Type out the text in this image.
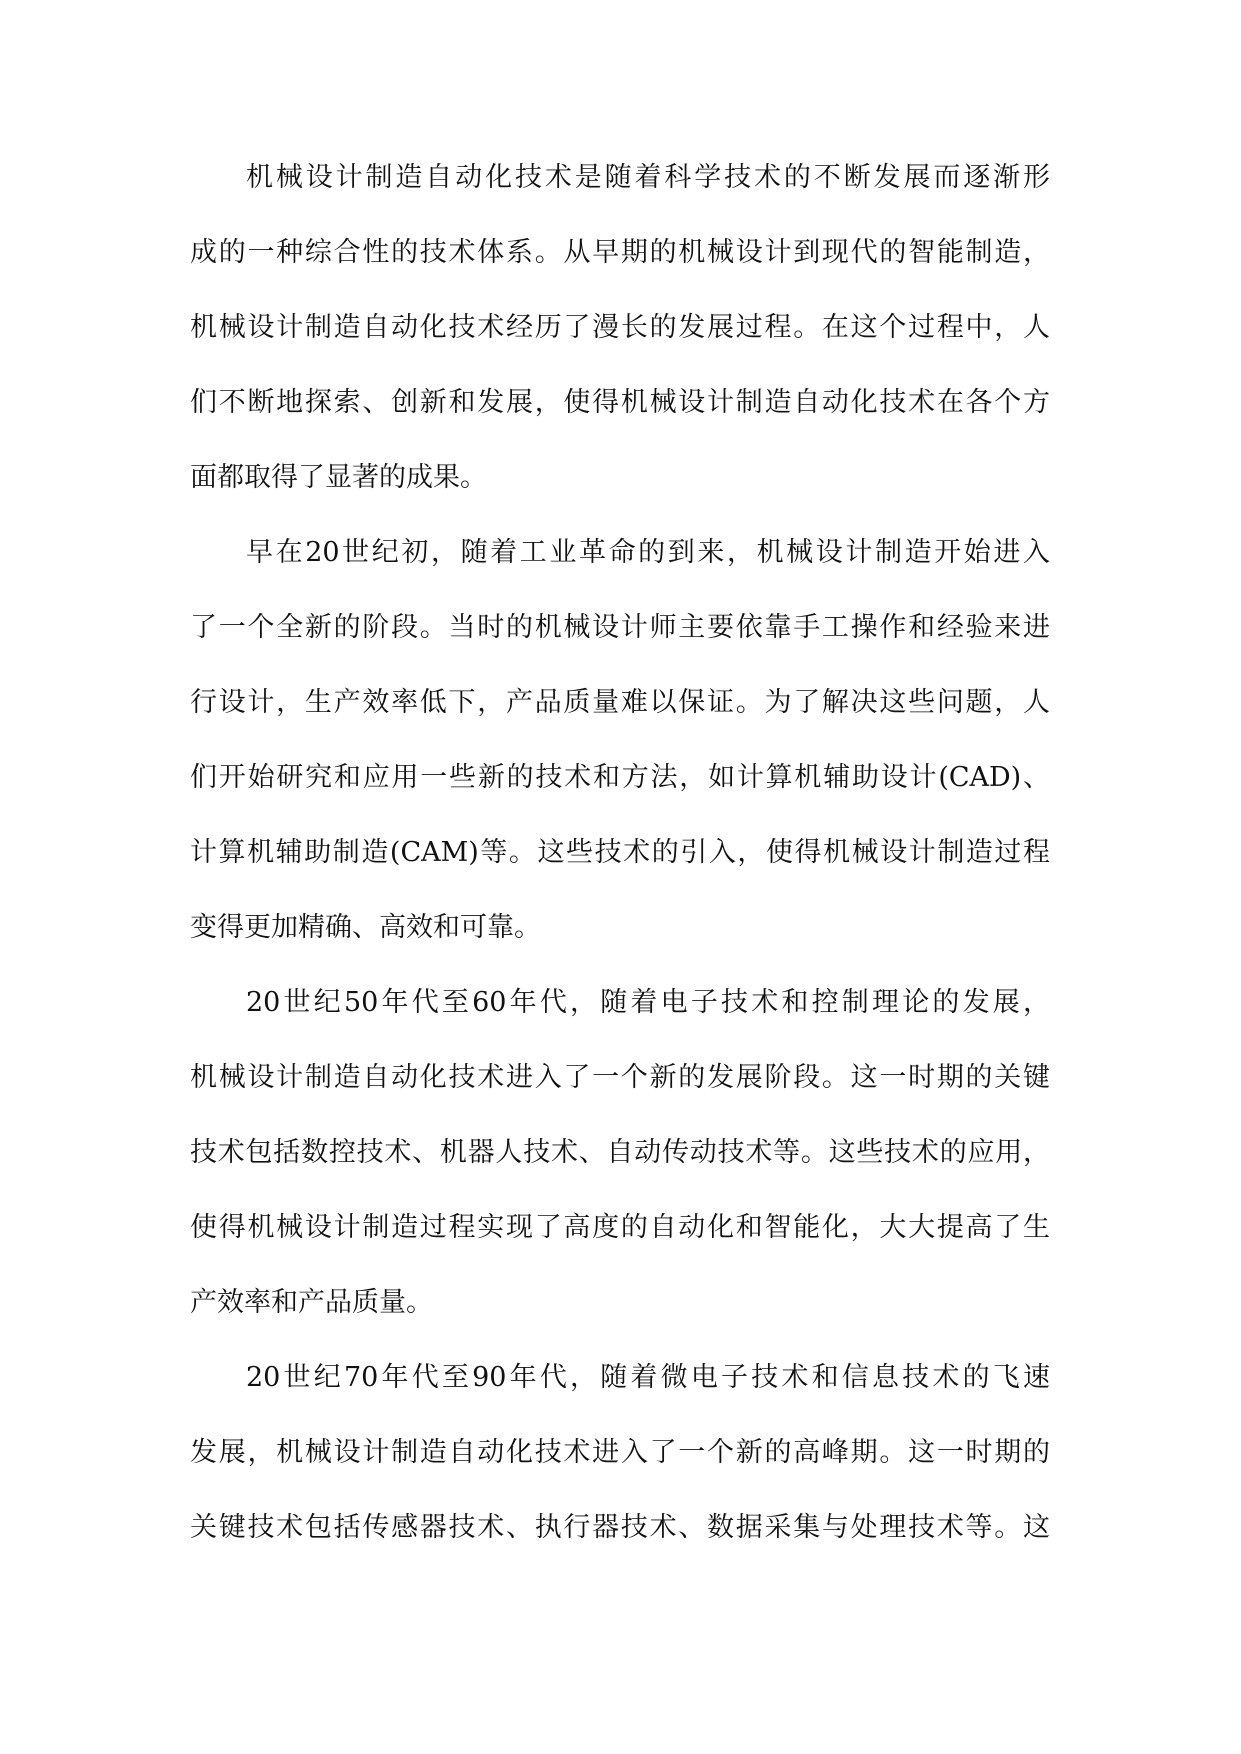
机械设计制造自动化技术是随着科学技术的不断发展而逐渐形
成的一种综合性的技术体系。从早期的机械设计到现代的智能制造，
机械设计制造自动化技术经历了漫长的发展过程。在这个过程中，人
们不断地探索、创新和发展，使得机械设计制造自动化技术在各个方
面都取得了显著的成果。
早在20世纪初，随着工业革命的到来，机械设计制造开始进入
了一个全新的阶段。当时的机械设计师主要依靠手工操作和经验来进
行设计，生产效率低下，产品质量难以保证。为了解决这些问题，人
们开始研究和应用一些新的技术和方法，如计算机辅助设计(CAD)、
计算机辅助制造(CAM)等。这些技术的引入，使得机械设计制造过程
变得更加精确、高效和可靠。
20世纪50年代至60年代，随着电子技术和控制理论的发展，
机械设计制造自动化技术进入了一个新的发展阶段。这一时期的关键
技术包括数控技术、机器人技术、自动传动技术等。这些技术的应用，
使得机械设计制造过程实现了高度的自动化和智能化，大大提高了生
产效率和产品质量。
20世纪70年代至90年代，随着微电子技术和信息技术的飞速
发展，机械设计制造自动化技术进入了一个新的高峰期。这一时期的
关键技术包括传感器技术、执行器技术、数据采集与处理技术等。这
